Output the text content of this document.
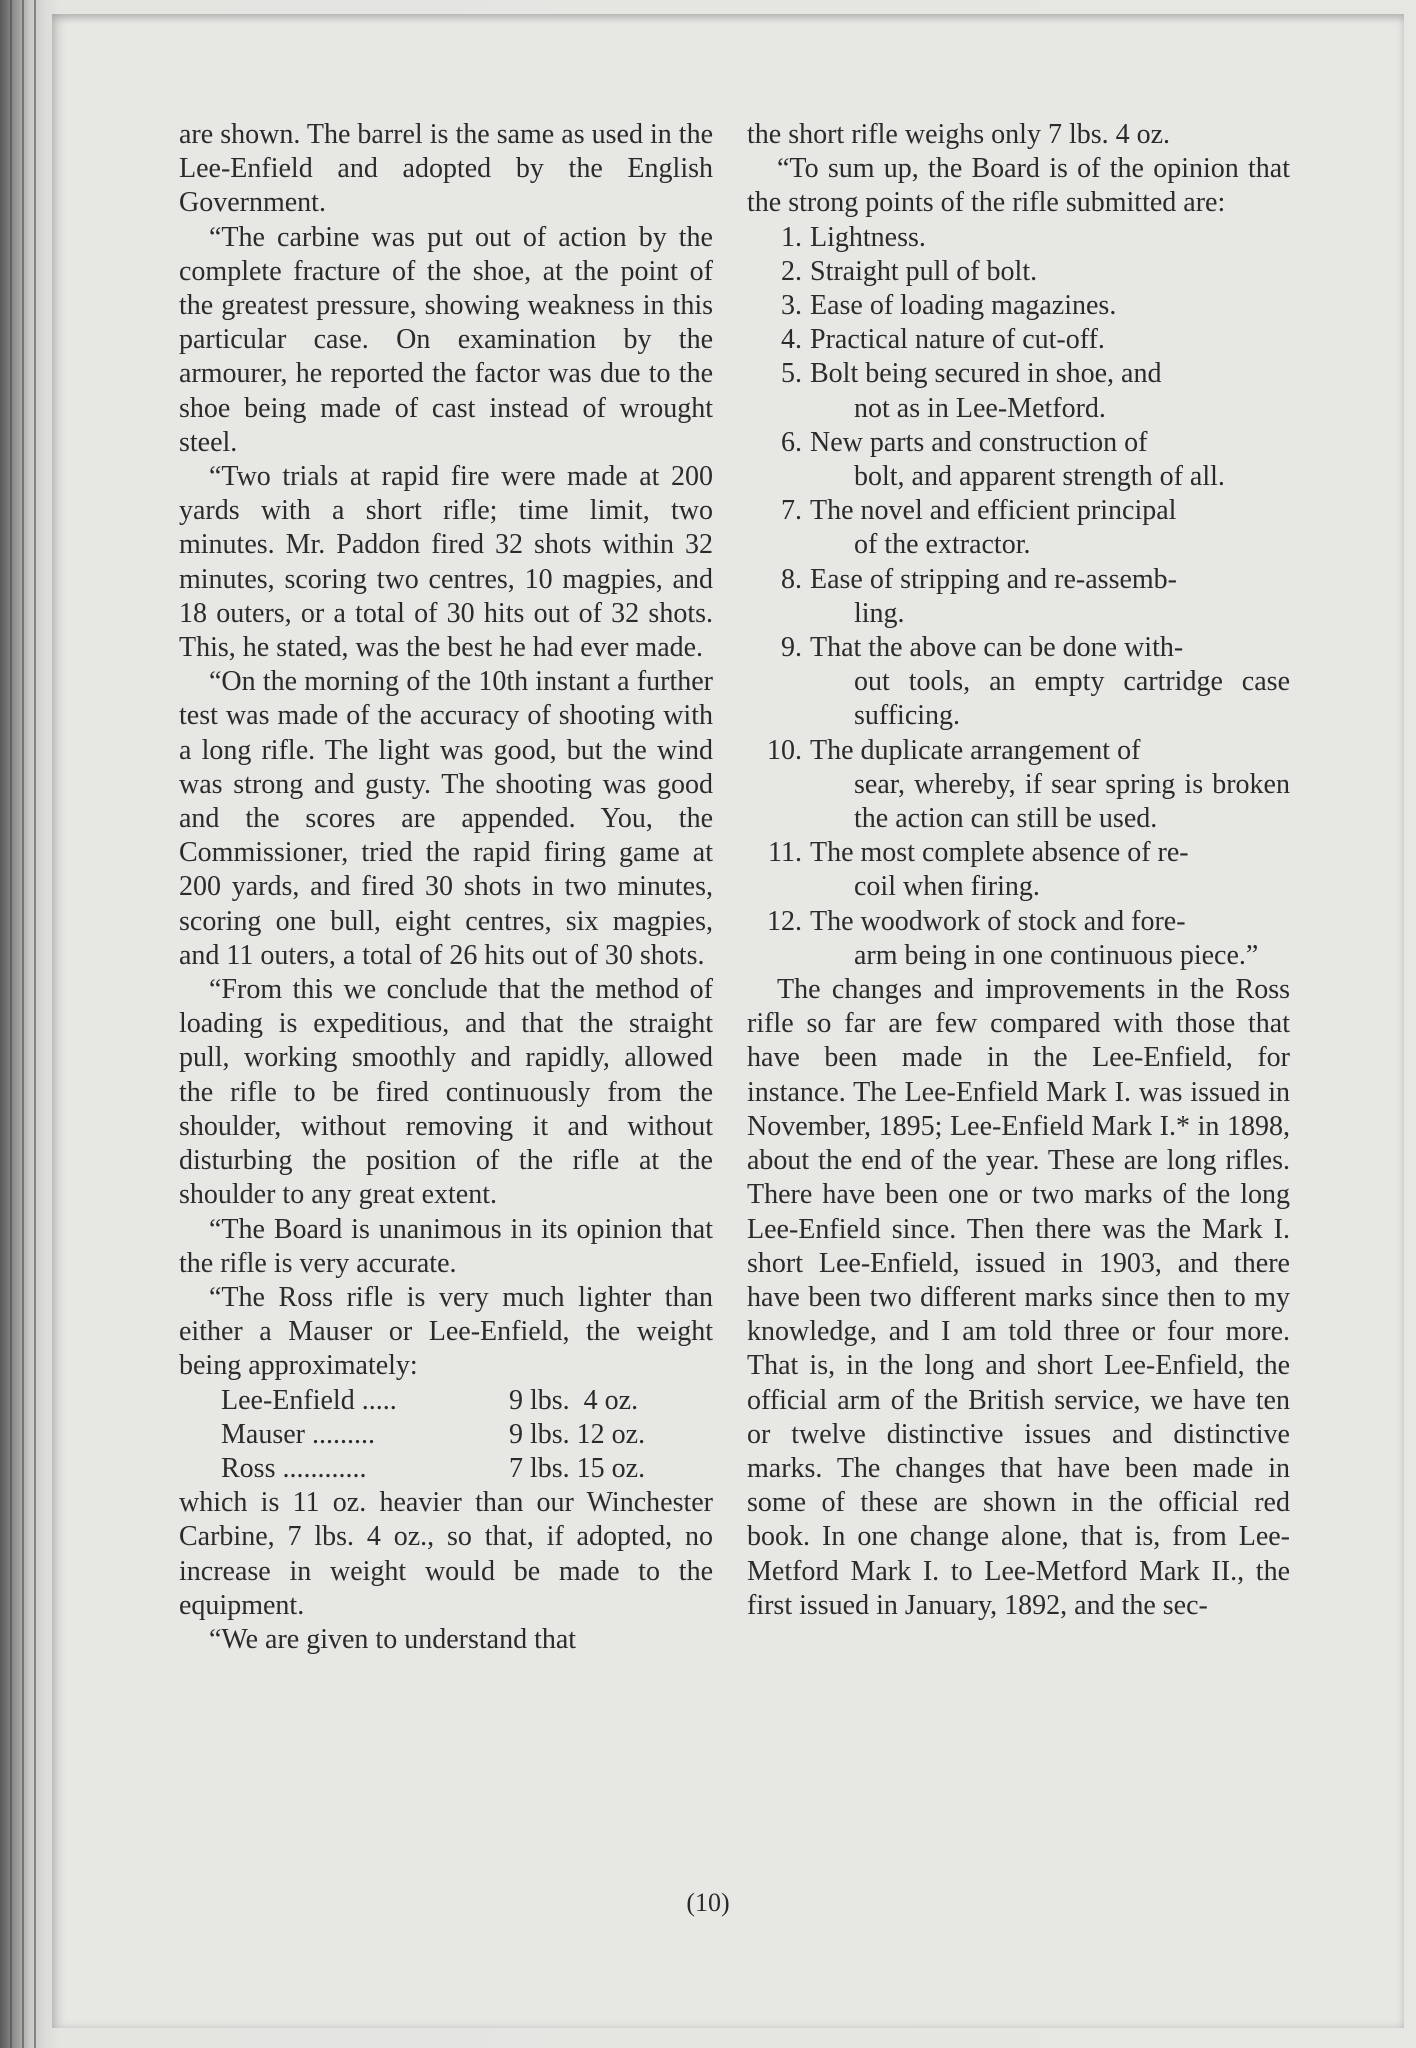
are shown. The barrel is the same as used in the Lee-Enfield and adopted by the English Government.

“The carbine was put out of action by the complete fracture of the shoe, at the point of the greatest pressure, showing weakness in this particular case. On examination by the armourer, he reported the factor was due to the shoe being made of cast instead of wrought steel.

“Two trials at rapid fire were made at 200 yards with a short rifle; time limit, two minutes. Mr. Paddon fired 32 shots within 32 minutes, scoring two centres, 10 magpies, and 18 outers, or a total of 30 hits out of 32 shots. This, he stated, was the best he had ever made.

“On the morning of the 10th instant a further test was made of the accuracy of shooting with a long rifle. The light was good, but the wind was strong and gusty. The shooting was good and the scores are appended. You, the Commissioner, tried the rapid firing game at 200 yards, and fired 30 shots in two minutes, scoring one bull, eight centres, six magpies, and 11 outers, a total of 26 hits out of 30 shots.

“From this we conclude that the method of loading is expeditious, and that the straight pull, working smoothly and rapidly, allowed the rifle to be fired continuously from the shoulder, without removing it and without disturbing the position of the rifle at the shoulder to any great extent.

“The Board is unanimous in its opinion that the rifle is very accurate.

“The Ross rifle is very much lighter than either a Mauser or Lee-Enfield, the weight being approximately:

Lee-Enfield .....	9 lbs.  4 oz.
Mauser .........	9 lbs. 12 oz.
Ross ............	7 lbs. 15 oz.

which is 11 oz. heavier than our Winchester Carbine, 7 lbs. 4 oz., so that, if adopted, no increase in weight would be made to the equipment.

“We are given to understand that

the short rifle weighs only 7 lbs. 4 oz.

“To sum up, the Board is of the opinion that the strong points of the rifle submitted are:

1. Lightness.
2. Straight pull of bolt.
3. Ease of loading magazines.
4. Practical nature of cut-off.
5. Bolt being secured in shoe, and
not as in Lee-Metford.
6. New parts and construction of
bolt, and apparent strength of all.
7. The novel and efficient principal
of the extractor.
8. Ease of stripping and re-assemb-
ling.
9. That the above can be done with-
out tools, an empty cartridge case sufficing.
10. The duplicate arrangement of
sear, whereby, if sear spring is broken the action can still be used.
11. The most complete absence of re-
coil when firing.
12. The woodwork of stock and fore-
arm being in one continuous piece.”

The changes and improvements in the Ross rifle so far are few compared with those that have been made in the Lee-Enfield, for instance. The Lee-Enfield Mark I. was issued in November, 1895; Lee-Enfield Mark I.* in 1898, about the end of the year. These are long rifles. There have been one or two marks of the long Lee-Enfield since. Then there was the Mark I. short Lee-Enfield, issued in 1903, and there have been two different marks since then to my knowledge, and I am told three or four more. That is, in the long and short Lee-Enfield, the official arm of the British service, we have ten or twelve distinctive issues and distinctive marks. The changes that have been made in some of these are shown in the official red book. In one change alone, that is, from Lee-Metford Mark I. to Lee-Metford Mark II., the first issued in January, 1892, and the sec-

(10)
